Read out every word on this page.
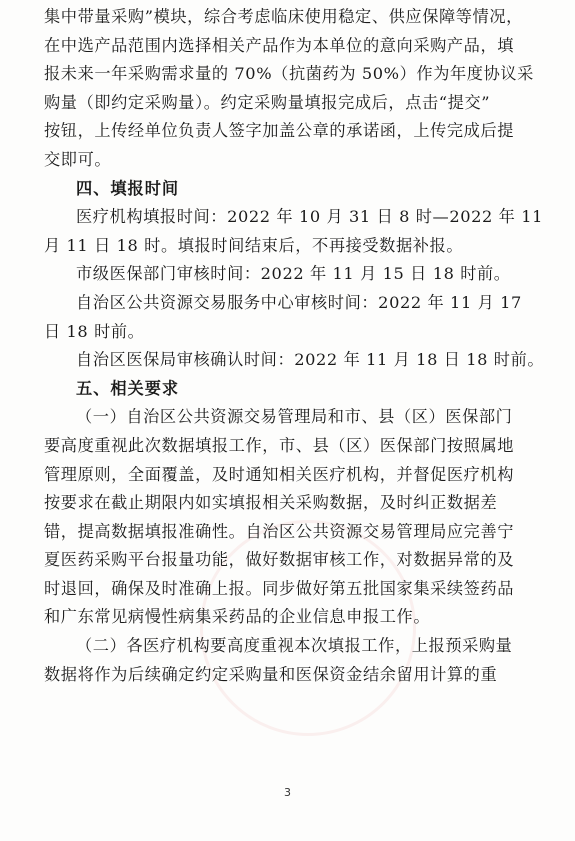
集中带量采购”模块，综合考虑临床使用稳定、供应保障等情况，
在中选产品范围内选择相关产品作为本单位的意向采购产品，填
报未来一年采购需求量的 70%（抗菌药为 50%）作为年度协议采
购量（即约定采购量）。约定采购量填报完成后，点击“提交”
按钮，上传经单位负责人签字加盖公章的承诺函，上传完成后提
交即可。
四、填报时间
医疗机构填报时间：2022 年 10 月 31 日 8 时—2022 年 11
月 11 日 18 时。填报时间结束后，不再接受数据补报。
市级医保部门审核时间：2022 年 11 月 15 日 18 时前。
自治区公共资源交易服务中心审核时间：2022 年 11 月 17
日 18 时前。
自治区医保局审核确认时间：2022 年 11 月 18 日 18 时前。
五、相关要求
（一）自治区公共资源交易管理局和市、县（区）医保部门
要高度重视此次数据填报工作，市、县（区）医保部门按照属地
管理原则，全面覆盖，及时通知相关医疗机构，并督促医疗机构
按要求在截止期限内如实填报相关采购数据，及时纠正数据差
错，提高数据填报准确性。自治区公共资源交易管理局应完善宁
夏医药采购平台报量功能，做好数据审核工作，对数据异常的及
时退回，确保及时准确上报。同步做好第五批国家集采续签药品
和广东常见病慢性病集采药品的企业信息申报工作。
（二）各医疗机构要高度重视本次填报工作，上报预采购量
数据将作为后续确定约定采购量和医保资金结余留用计算的重
3
